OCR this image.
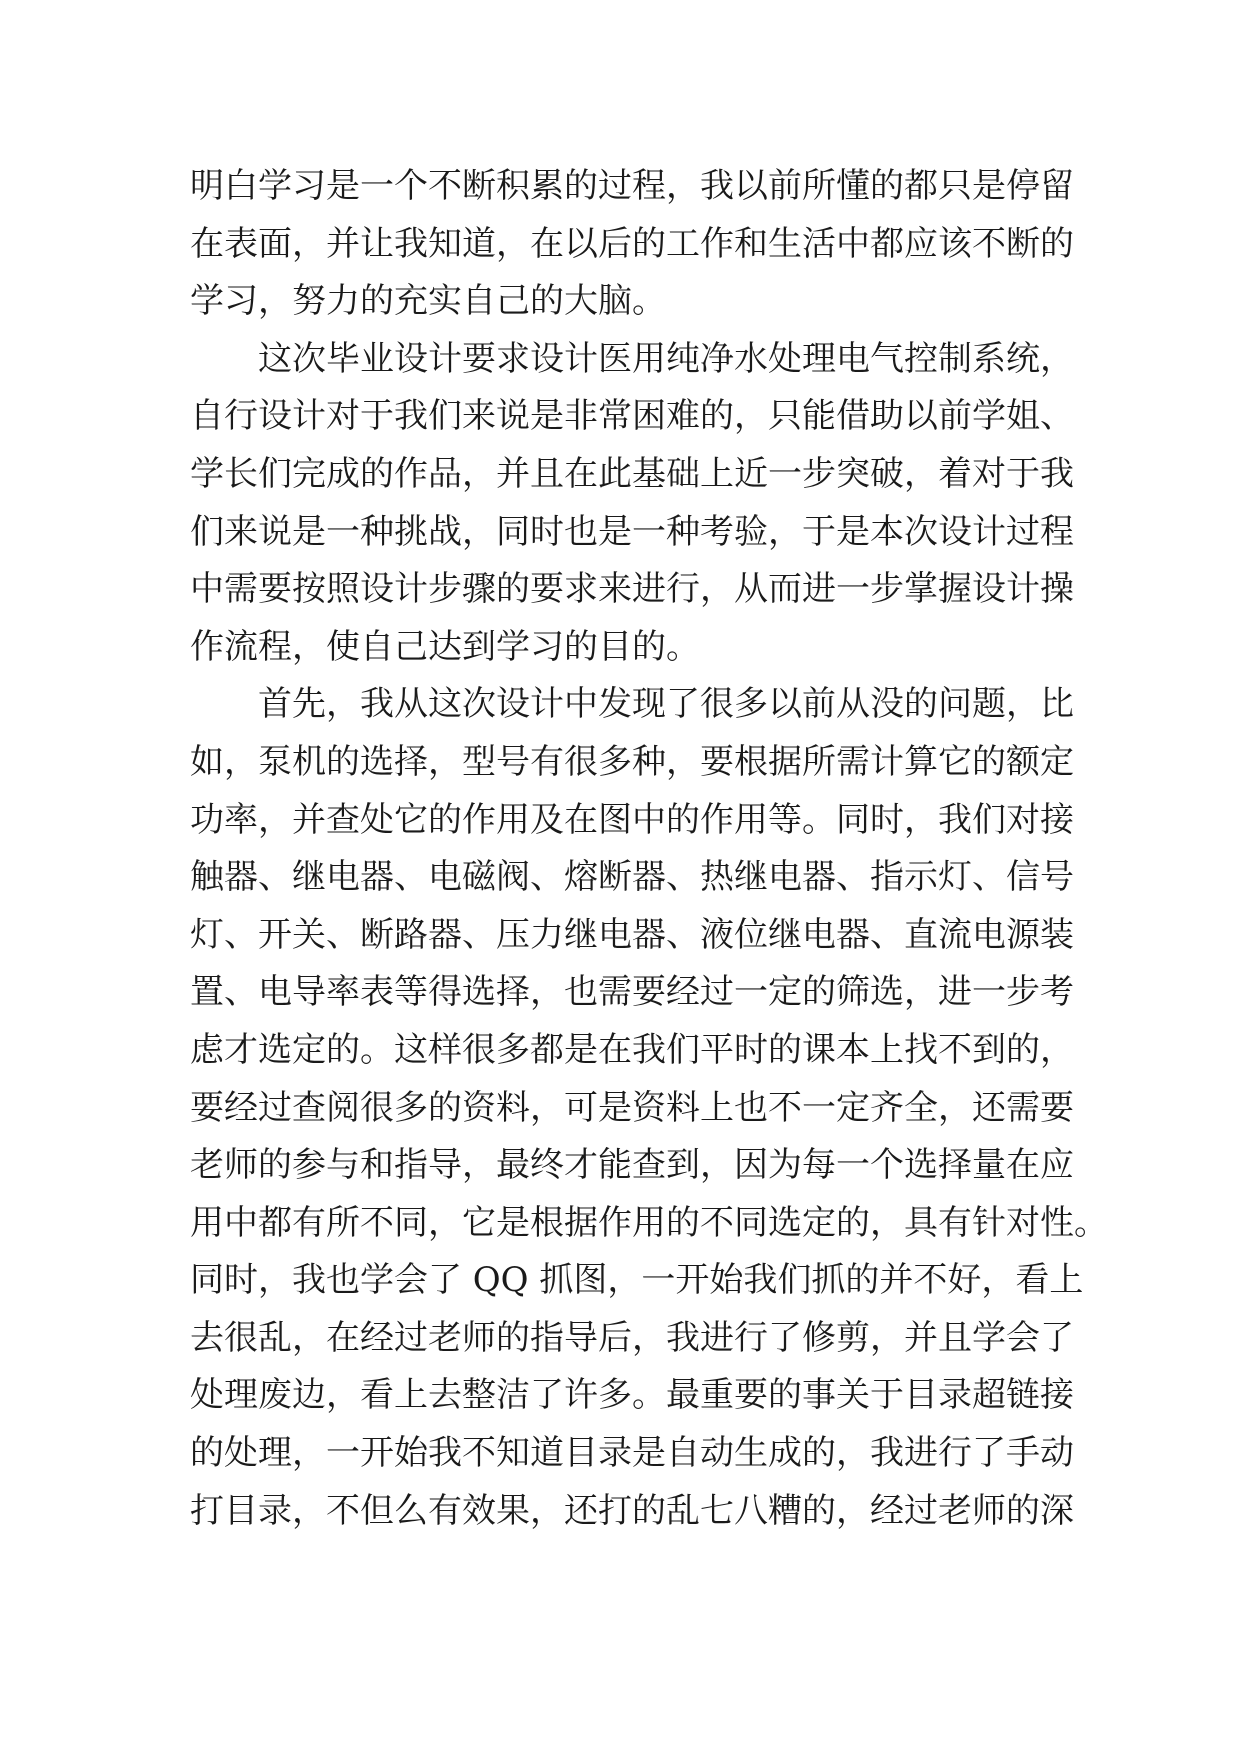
明白学习是一个不断积累的过程，我以前所懂的都只是停留
在表面，并让我知道，在以后的工作和生活中都应该不断的
学习，努力的充实自己的大脑。
这次毕业设计要求设计医用纯净水处理电气控制系统，
自行设计对于我们来说是非常困难的，只能借助以前学姐、
学长们完成的作品，并且在此基础上近一步突破，着对于我
们来说是一种挑战，同时也是一种考验，于是本次设计过程
中需要按照设计步骤的要求来进行，从而进一步掌握设计操
作流程，使自己达到学习的目的。
首先，我从这次设计中发现了很多以前从没的问题，比
如，泵机的选择，型号有很多种，要根据所需计算它的额定
功率，并查处它的作用及在图中的作用等。同时，我们对接
触器、继电器、电磁阀、熔断器、热继电器、指示灯、信号
灯、开关、断路器、压力继电器、液位继电器、直流电源装
置、电导率表等得选择，也需要经过一定的筛选，进一步考
虑才选定的。这样很多都是在我们平时的课本上找不到的，
要经过查阅很多的资料，可是资料上也不一定齐全，还需要
老师的参与和指导，最终才能查到，因为每一个选择量在应
用中都有所不同，它是根据作用的不同选定的，具有针对性。
同时，我也学会了 QQ 抓图，一开始我们抓的并不好，看上
去很乱，在经过老师的指导后，我进行了修剪，并且学会了
处理废边，看上去整洁了许多。最重要的事关于目录超链接
的处理，一开始我不知道目录是自动生成的，我进行了手动
打目录，不但么有效果，还打的乱七八糟的，经过老师的深
